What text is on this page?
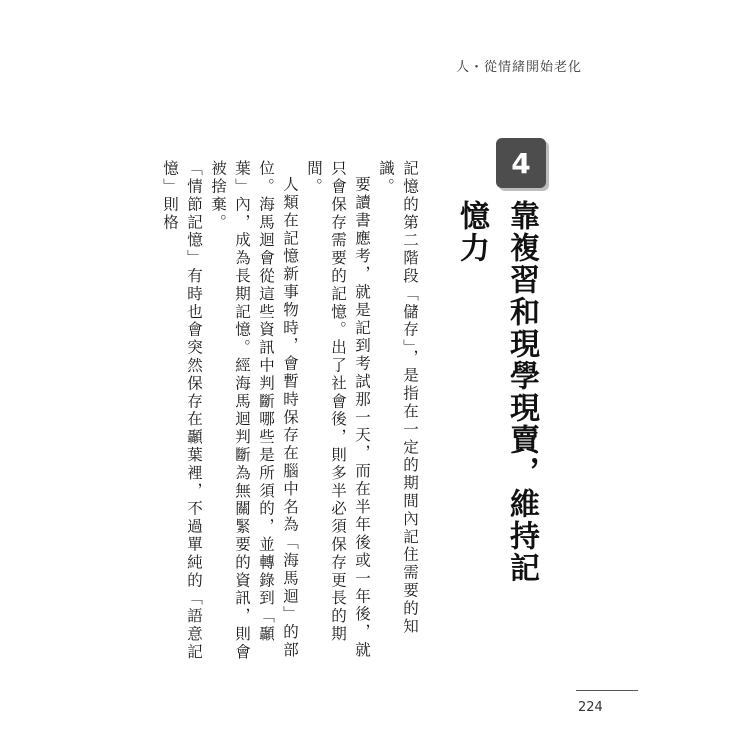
人・從情緒開始老化
4
靠複習和現學現賣，維持記憶力

記憶的第二階段「儲存」，是指在一定的期間內記住需要的知識。

要讀書應考，就是記到考試那一天，而在半年後或一年後，就只會保存需要的記憶。出了社會後，則多半必須保存更長的期間。

人類在記憶新事物時，會暫時保存在腦中名為「海馬迴」的部位。海馬迴會從這些資訊中判斷哪些是所須的，並轉錄到「顳葉」內，成為長期記憶。經海馬迴判斷為無關緊要的資訊，則會被捨棄。

「情節記憶」有時也會突然保存在顳葉裡，不過單純的「語意記憶」則格

224
